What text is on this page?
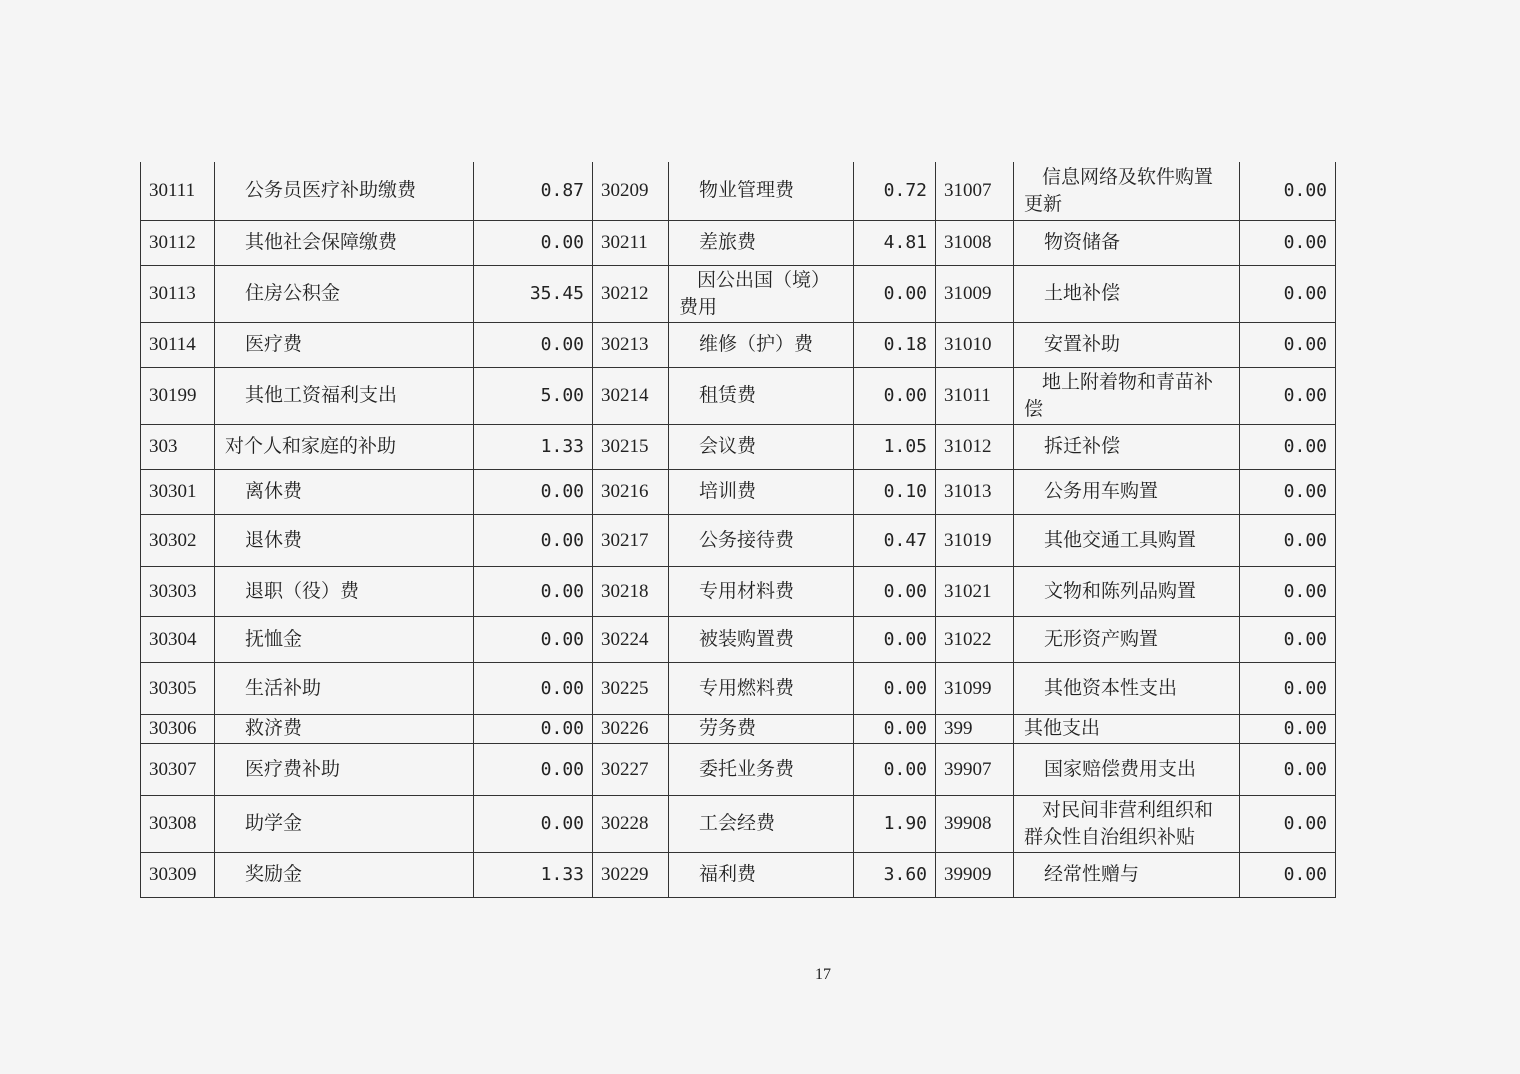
30111	公务员医疗补助缴费	0.87	30209	物业管理费	0.72	31007	信息网络及软件购置更新	0.00
30112	其他社会保障缴费	0.00	30211	差旅费	4.81	31008	物资储备	0.00
30113	住房公积金	35.45	30212	因公出国（境）费用	0.00	31009	土地补偿	0.00
30114	医疗费	0.00	30213	维修（护）费	0.18	31010	安置补助	0.00
30199	其他工资福利支出	5.00	30214	租赁费	0.00	31011	地上附着物和青苗补偿	0.00
303	对个人和家庭的补助	1.33	30215	会议费	1.05	31012	拆迁补偿	0.00
30301	离休费	0.00	30216	培训费	0.10	31013	公务用车购置	0.00
30302	退休费	0.00	30217	公务接待费	0.47	31019	其他交通工具购置	0.00
30303	退职（役）费	0.00	30218	专用材料费	0.00	31021	文物和陈列品购置	0.00
30304	抚恤金	0.00	30224	被装购置费	0.00	31022	无形资产购置	0.00
30305	生活补助	0.00	30225	专用燃料费	0.00	31099	其他资本性支出	0.00
30306	救济费	0.00	30226	劳务费	0.00	399	其他支出	0.00
30307	医疗费补助	0.00	30227	委托业务费	0.00	39907	国家赔偿费用支出	0.00
30308	助学金	0.00	30228	工会经费	1.90	39908	对民间非营利组织和群众性自治组织补贴	0.00
30309	奖励金	1.33	30229	福利费	3.60	39909	经常性赠与	0.00
17
